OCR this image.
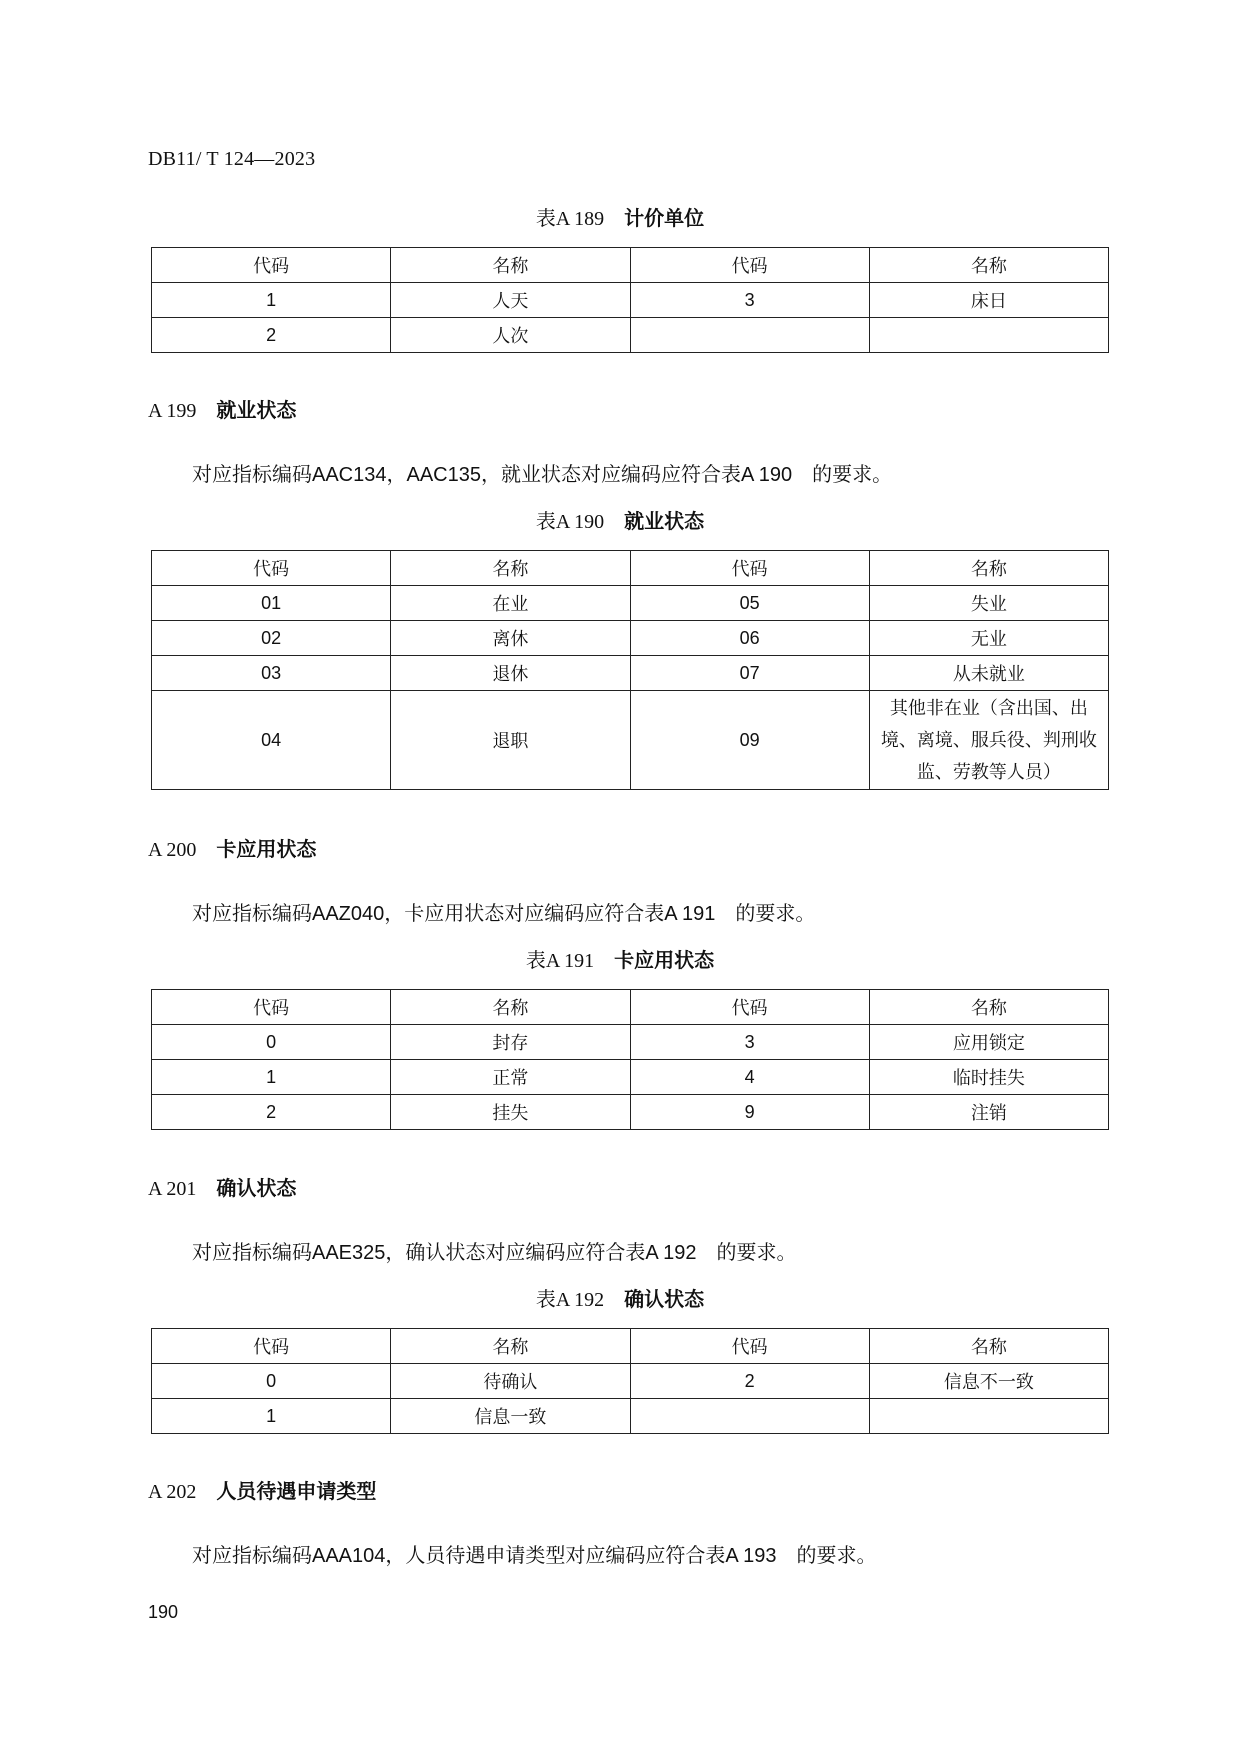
DB11/ T 124—2023
表A 189　 计价单位
代码	名称	代码	名称
1	人天	3	床日
2	人次		
A 199 就业状态
对应指标编码AAC134，AAC135，就业状态对应编码应符合表A 190　的要求。
表A 190　 就业状态
代码	名称	代码	名称
01	在业	05	失业
02	离休	06	无业
03	退休	07	从未就业
04	退职	09	其他非在业（含出国、出境、离境、服兵役、判刑收监、劳教等人员）
A 200 卡应用状态
对应指标编码AAZ040，卡应用状态对应编码应符合表A 191　的要求。
表A 191　 卡应用状态
代码	名称	代码	名称
0	封存	3	应用锁定
1	正常	4	临时挂失
2	挂失	9	注销
A 201 确认状态
对应指标编码AAE325，确认状态对应编码应符合表A 192　的要求。
表A 192　 确认状态
代码	名称	代码	名称
0	待确认	2	信息不一致
1	信息一致		
A 202 人员待遇申请类型
对应指标编码AAA104，人员待遇申请类型对应编码应符合表A 193　的要求。
190
